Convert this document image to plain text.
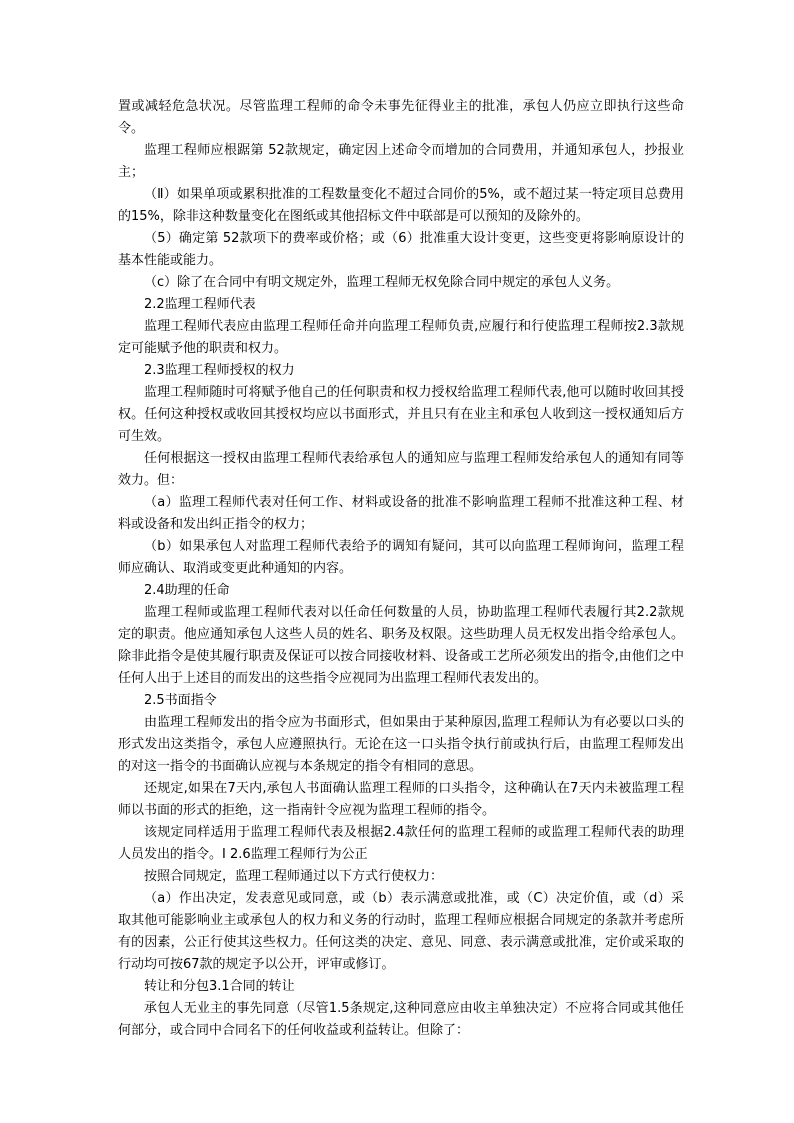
置或减轻危急状况。尽管监理工程师的命令未事先征得业主的批准，承包人仍应立即执行这些命令。

监理工程师应根踞第 52款规定，确定因上述命令而增加的合同费用，并通知承包人，抄报业主；

（Ⅱ）如果单项或累积批准的工程数量变化不超过合同价的5%，或不超过某一特定项目总费用的15%，除非这种数量变化在图纸或其他招标文件中联部是可以预知的及除外的。

（5）确定第 52款项下的费率或价格；或（6）批准重大设计变更，这些变更将影响原设计的基本性能或能力。

（c）除了在合同中有明文规定外，监理工程师无权免除合同中规定的承包人义务。

2.2监理工程师代表

监理工程师代表应由监理工程师任命并向监理工程师负责,应履行和行使监理工程师按2.3款规定可能赋予他的职责和权力。

2.3监理工程师授权的权力

监理工程师随时可将赋予他自己的任何职责和权力授权给监理工程师代表,他可以随时收回其授权。任何这种授权或收回其授权均应以书面形式，并且只有在业主和承包人收到这一授权通知后方可生效。

任何根据这一授权由监理工程师代表给承包人的通知应与监理工程师发给承包人的通知有同等效力。但：

（a）监理工程师代表对任何工作、材料或设备的批准不影响监理工程师不批准这种工程、材料或设备和发出纠正指令的权力；

（b）如果承包人对监理工程师代表给予的调知有疑问，其可以向监理工程师询问，监理工程师应确认、取消或变更此种通知的内容。

2.4助理的任命

监理工程师或监理工程师代表对以任命任何数量的人员，协助监理工程师代表履行其2.2款规定的职责。他应通知承包人这些人员的姓名、职务及权限。这些助理人员无权发出指令给承包人。除非此指令是使其履行职责及保证可以按合同接收材料、设备或工艺所必须发出的指令,由他们之中任何人出于上述目的而发出的这些指令应视同为出监理工程师代表发出的。

2.5书面指令

由监理工程师发出的指令应为书面形式，但如果由于某种原因,监理工程师认为有必要以口头的形式发出这类指令，承包人应遵照执行。无论在这一口头指令执行前或执行后，由监理工程师发出的对这一指令的书面确认应视与本条规定的指令有相同的意思。

还规定,如果在7天内,承包人书面确认监理工程师的口头指令，这种确认在7天内未被监理工程师以书面的形式的拒绝，这一指南针令应视为监理工程师的指令。

该规定同样适用于监理工程师代表及根据2.4款任何的监理工程师的或监理工程师代表的助理人员发出的指令。I 2.6监理工程师行为公正

按照合同规定，监理工程师通过以下方式行使权力：

（a）作出决定，发表意见或同意，或（b）表示满意或批准，或（C）决定价值，或（d）采取其他可能影响业主或承包人的权力和义务的行动时，监理工程师应根据合同规定的条款并考虑所有的因素，公正行使其这些权力。任何这类的决定、意见、同意、表示满意或批准，定价或采取的行动均可按67款的规定予以公开，评审或修订。

转让和分包3.1合同的转让

承包人无业主的事先同意（尽管1.5条规定,这种同意应由收主单独决定）不应将合同或其他任何部分，或合同中合同名下的任何收益或利益转让。但除了：
